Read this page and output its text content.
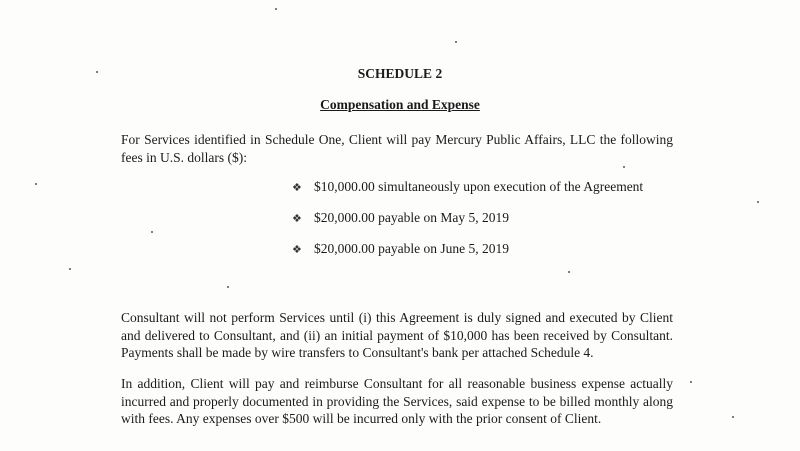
SCHEDULE 2
Compensation and Expense
For Services identified in Schedule One, Client will pay Mercury Public Affairs, LLC the following fees in U.S. dollars ($):
❖ $10,000.00 simultaneously upon execution of the Agreement
❖ $20,000.00 payable on May 5, 2019
❖ $20,000.00 payable on June 5, 2019
Consultant will not perform Services until (i) this Agreement is duly signed and executed by Client and delivered to Consultant, and (ii) an initial payment of $10,000 has been received by Consultant. Payments shall be made by wire transfers to Consultant's bank per attached Schedule 4.
In addition, Client will pay and reimburse Consultant for all reasonable business expense actually incurred and properly documented in providing the Services, said expense to be billed monthly along with fees. Any expenses over $500 will be incurred only with the prior consent of Client.
